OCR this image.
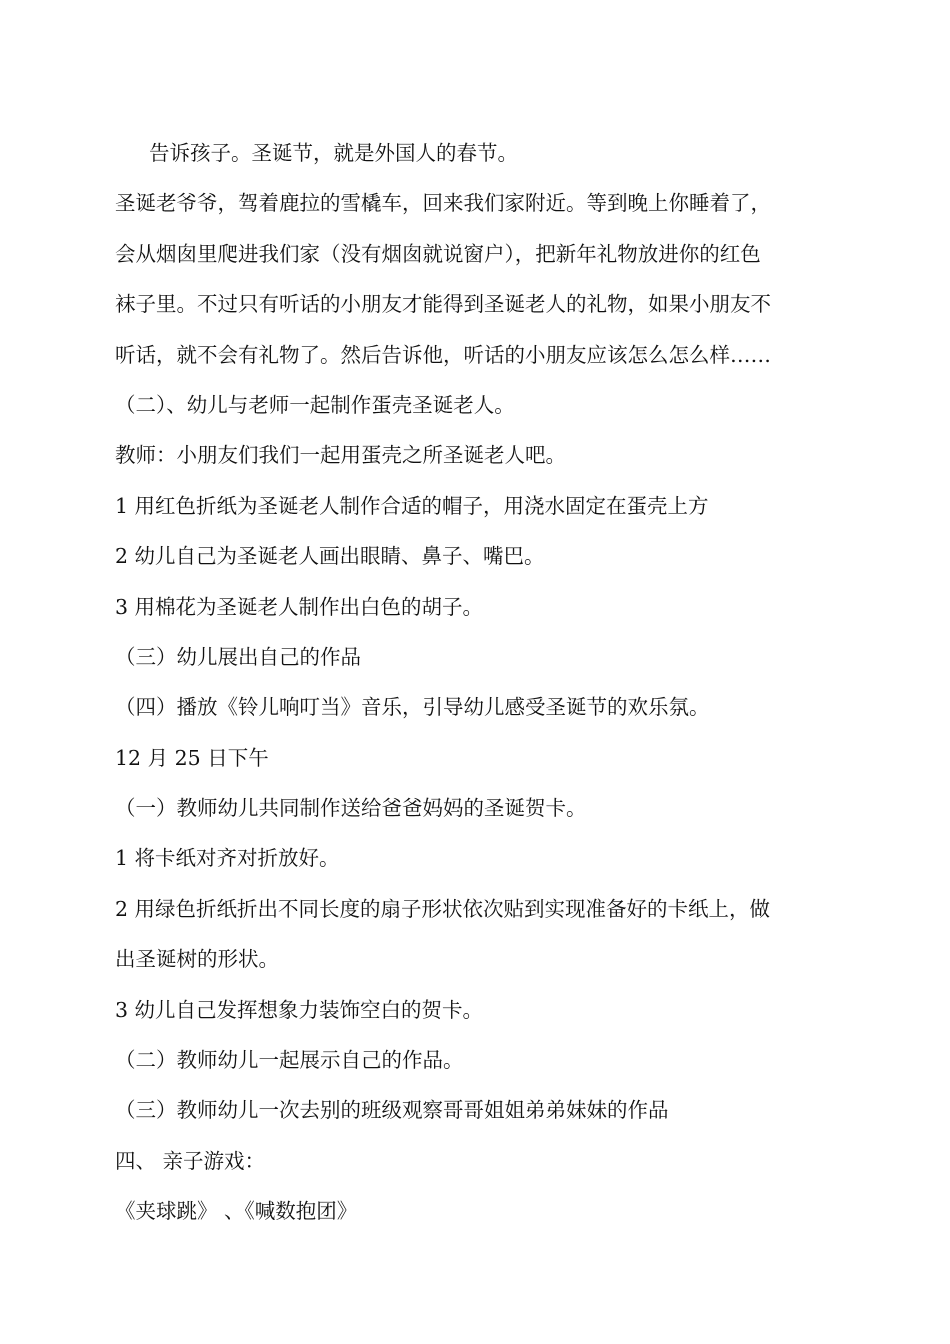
告诉孩子。圣诞节，就是外国人的春节。
圣诞老爷爷，驾着鹿拉的雪橇车，回来我们家附近。等到晚上你睡着了，
会从烟囱里爬进我们家（没有烟囱就说窗户），把新年礼物放进你的红色
袜子里。不过只有听话的小朋友才能得到圣诞老人的礼物，如果小朋友不
听话，就不会有礼物了。然后告诉他，听话的小朋友应该怎么怎么样……
（二）、幼儿与老师一起制作蛋壳圣诞老人。
教师：小朋友们我们一起用蛋壳之所圣诞老人吧。
1 用红色折纸为圣诞老人制作合适的帽子，用浇水固定在蛋壳上方
2 幼儿自己为圣诞老人画出眼睛、鼻子、嘴巴。
3 用棉花为圣诞老人制作出白色的胡子。
（三）幼儿展出自己的作品
（四）播放《铃儿响叮当》音乐，引导幼儿感受圣诞节的欢乐氛。
12 月 25 日下午
（一）教师幼儿共同制作送给爸爸妈妈的圣诞贺卡。
1 将卡纸对齐对折放好。
2 用绿色折纸折出不同长度的扇子形状依次贴到实现准备好的卡纸上，做
出圣诞树的形状。
3 幼儿自己发挥想象力装饰空白的贺卡。
（二）教师幼儿一起展示自己的作品。
（三）教师幼儿一次去别的班级观察哥哥姐姐弟弟妹妹的作品
四、 亲子游戏：
《夹球跳》 、《喊数抱团》
